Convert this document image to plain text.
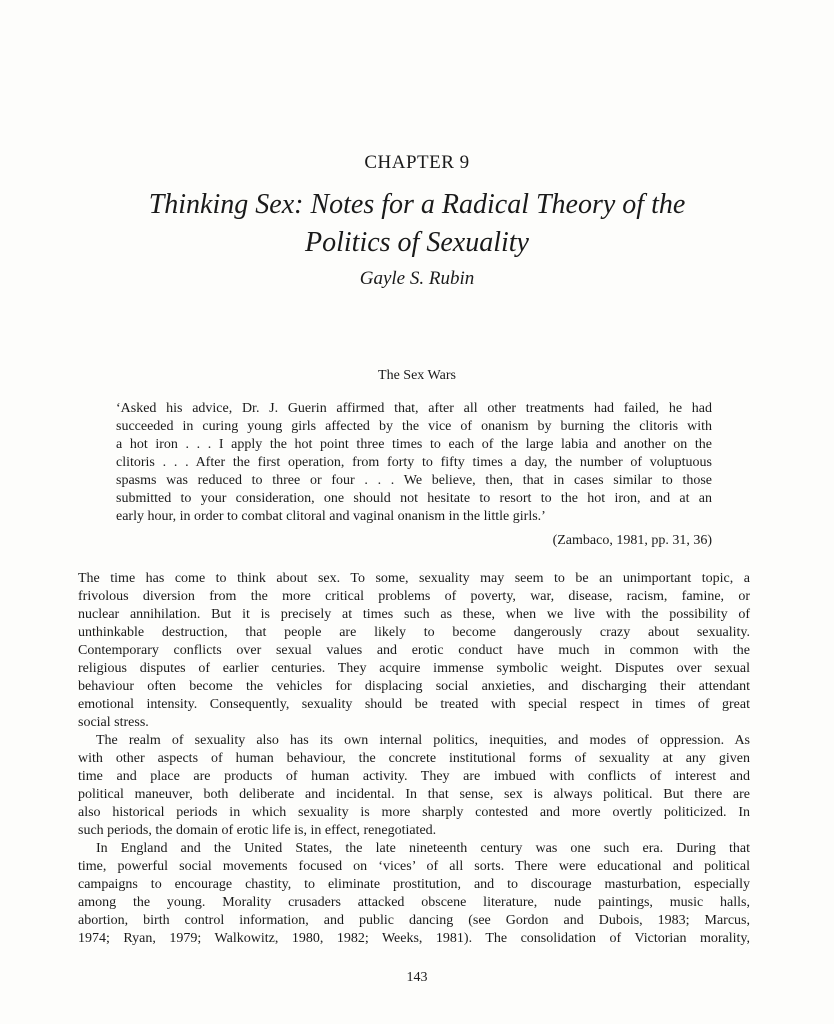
CHAPTER 9
Thinking Sex: Notes for a Radical Theory of the
Politics of Sexuality
Gayle S. Rubin
The Sex Wars
‘Asked his advice, Dr. J. Guerin affirmed that, after all other treatments had failed, he had
succeeded in curing young girls affected by the vice of onanism by burning the clitoris with
a hot iron . . . I apply the hot point three times to each of the large labia and another on the
clitoris . . . After the first operation, from forty to fifty times a day, the number of voluptuous
spasms was reduced to three or four . . . We believe, then, that in cases similar to those
submitted to your consideration, one should not hesitate to resort to the hot iron, and at an
early hour, in order to combat clitoral and vaginal onanism in the little girls.’
(Zambaco, 1981, pp. 31, 36)
The time has come to think about sex. To some, sexuality may seem to be an unimportant topic, a
frivolous diversion from the more critical problems of poverty, war, disease, racism, famine, or
nuclear annihilation. But it is precisely at times such as these, when we live with the possibility of
unthinkable destruction, that people are likely to become dangerously crazy about sexuality.
Contemporary conflicts over sexual values and erotic conduct have much in common with the
religious disputes of earlier centuries. They acquire immense symbolic weight. Disputes over sexual
behaviour often become the vehicles for displacing social anxieties, and discharging their attendant
emotional intensity. Consequently, sexuality should be treated with special respect in times of great
social stress.
The realm of sexuality also has its own internal politics, inequities, and modes of oppression. As
with other aspects of human behaviour, the concrete institutional forms of sexuality at any given
time and place are products of human activity. They are imbued with conflicts of interest and
political maneuver, both deliberate and incidental. In that sense, sex is always political. But there are
also historical periods in which sexuality is more sharply contested and more overtly politicized. In
such periods, the domain of erotic life is, in effect, renegotiated.
In England and the United States, the late nineteenth century was one such era. During that
time, powerful social movements focused on ‘vices’ of all sorts. There were educational and political
campaigns to encourage chastity, to eliminate prostitution, and to discourage masturbation, especially
among the young. Morality crusaders attacked obscene literature, nude paintings, music halls,
abortion, birth control information, and public dancing (see Gordon and Dubois, 1983; Marcus,
1974; Ryan, 1979; Walkowitz, 1980, 1982; Weeks, 1981). The consolidation of Victorian morality,
143
